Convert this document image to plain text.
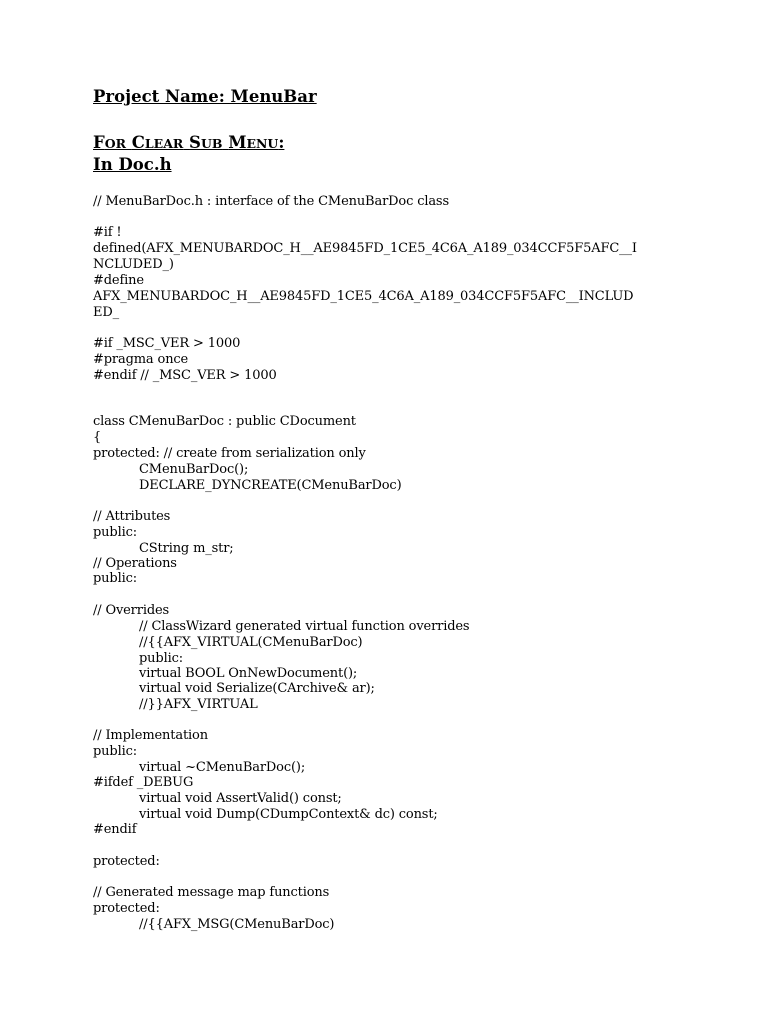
Project Name: MenuBar
FOR CLEAR SUB MENU:
In Doc.h
// MenuBarDoc.h : interface of the CMenuBarDoc class
#if !
defined(AFX_MENUBARDOC_H__AE9845FD_1CE5_4C6A_A189_034CCF5F5AFC__I
NCLUDED_)
#define
AFX_MENUBARDOC_H__AE9845FD_1CE5_4C6A_A189_034CCF5F5AFC__INCLUD
ED_
#if _MSC_VER > 1000
#pragma once
#endif // _MSC_VER > 1000
class CMenuBarDoc : public CDocument
{
protected: // create from serialization only
CMenuBarDoc();
DECLARE_DYNCREATE(CMenuBarDoc)
// Attributes
public:
CString m_str;
// Operations
public:
// Overrides
// ClassWizard generated virtual function overrides
//{{AFX_VIRTUAL(CMenuBarDoc)
public:
virtual BOOL OnNewDocument();
virtual void Serialize(CArchive& ar);
//}}AFX_VIRTUAL
// Implementation
public:
virtual ~CMenuBarDoc();
#ifdef _DEBUG
virtual void AssertValid() const;
virtual void Dump(CDumpContext& dc) const;
#endif
protected:
// Generated message map functions
protected:
//{{AFX_MSG(CMenuBarDoc)
